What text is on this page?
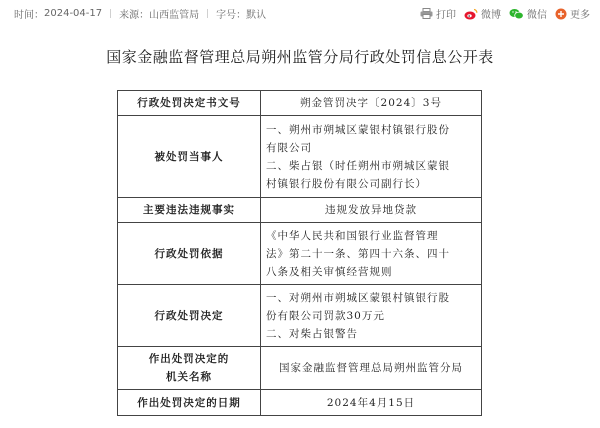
时间： 2024-04-17 来源： 山西监管局 字号： 默认	打印	微博	微信 更多
国家金融监督管理总局朔州监管分局行政处罚信息公开表
行政处罚决定书文号	朔金管罚决字〔2024〕3号
被处罚当事人	一、朔州市朔城区蒙银村镇银行股份
有限公司
二、柴占银（时任朔州市朔城区蒙银
村镇银行股份有限公司副行长）

主要违法违规事实	违规发放异地贷款
行政处罚依据	《中华人民共和国银行业监督管理
法》第二十一条、第四十六条、四十
八条及相关审慎经营规则

行政处罚决定	一、对朔州市朔城区蒙银村镇银行股
份有限公司罚款30万元
二、对柴占银警告

作出处罚决定的
机关名称	国家金融监督管理总局朔州监管分局
作出处罚决定的日期	2024年4月15日
